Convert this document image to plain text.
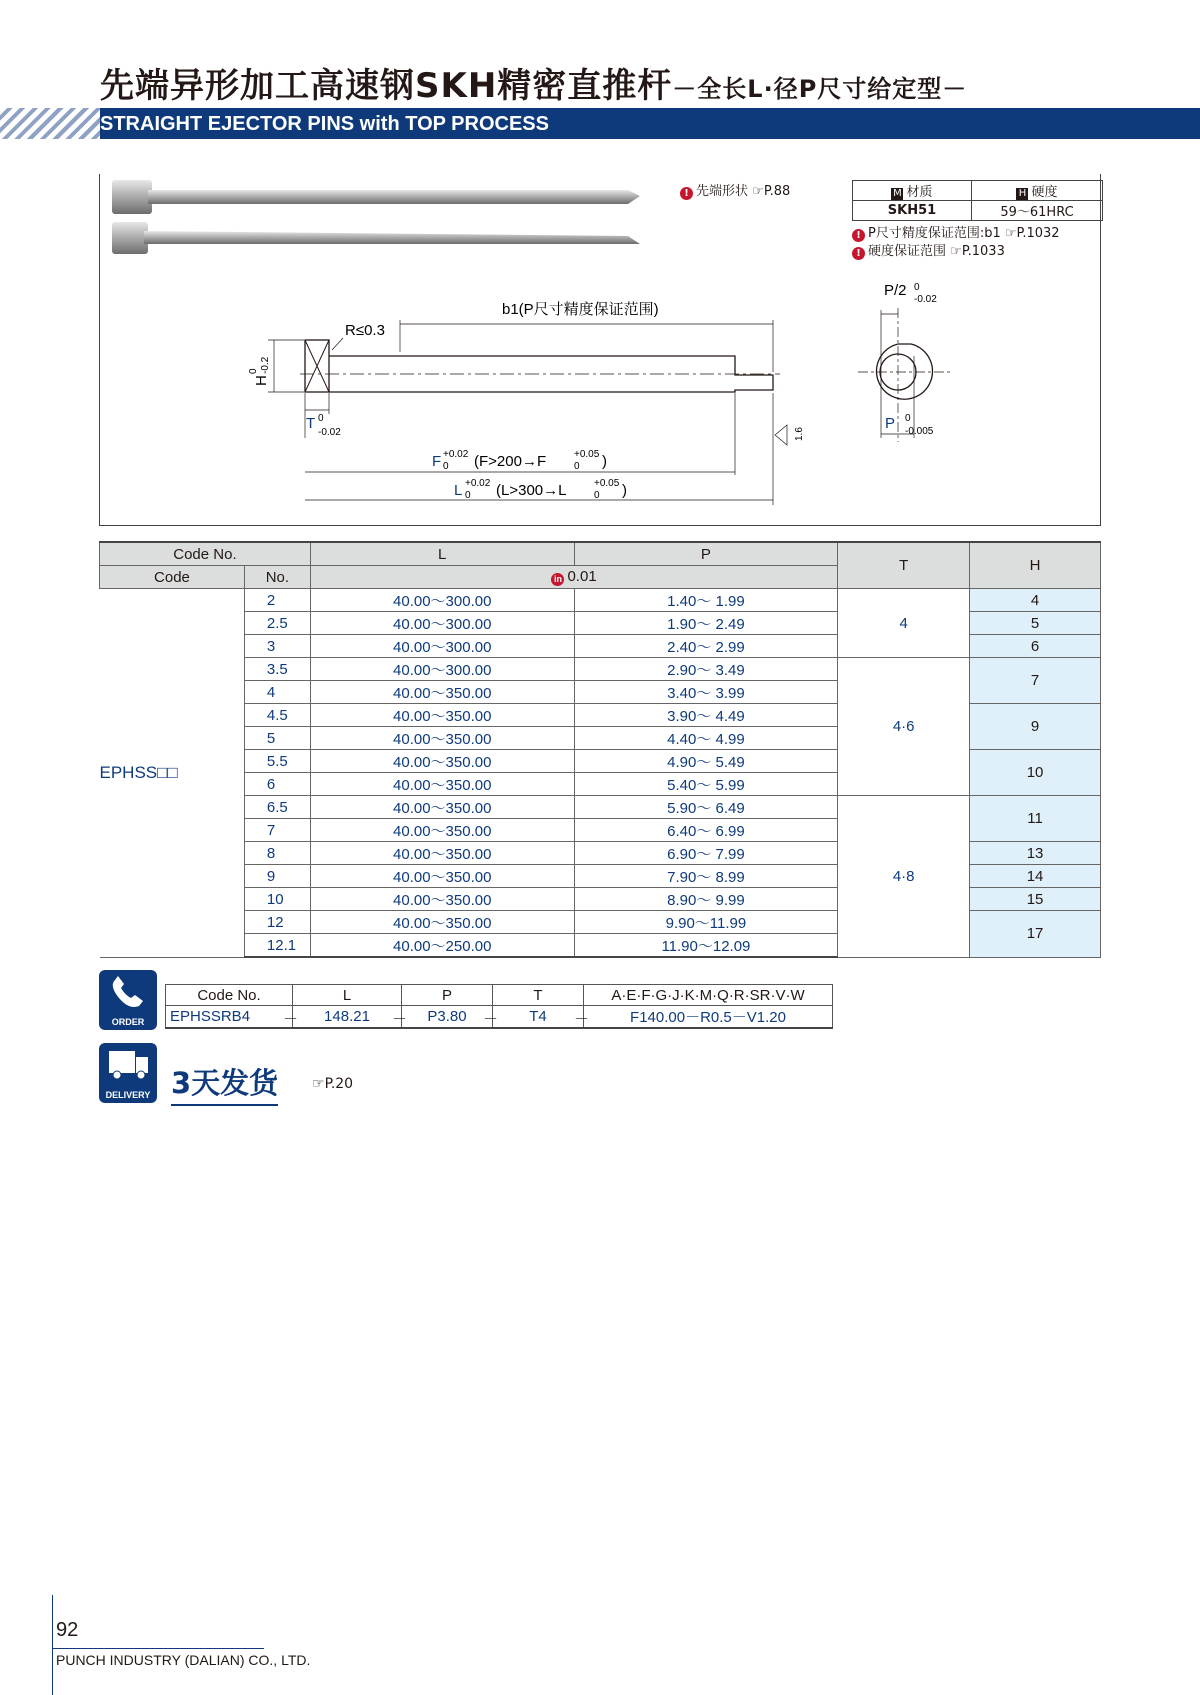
先端异形加工高速钢SKH精密直推杆－全长L·径P尺寸给定型－
STRAIGHT EJECTOR PINS with TOP PROCESS
! 先端形状 ☞P.88	M 材质	H 硬度
SKH51	59～61HRC
! P尺寸精度保证范围:b1 ☞P.1032
! 硬度保证范围 ☞P.1033
b1(P尺寸精度保证范围)
R≤0.3
H
0 -0.2
T 0
-0.02
F +0.02
0 (F>200→F	+0.05
0 )
L +0.02
0 (L>300→L	+0.05
0 )
1.6
P/2 0
-0.02
P 0
-0.005
Code No.		L	P	T	H
Code	No.	in 0.01			
EPHSS□□	2	40.00～300.00	1.40～ 1.99	4	4
	2.5	40.00～300.00	1.90～ 2.49		5
	3	40.00～300.00	2.40～ 2.99		6
	3.5	40.00～300.00	2.90～ 3.49	4·6	7
	4	40.00～350.00	3.40～ 3.99		
	4.5	40.00～350.00	3.90～ 4.49		9
	5	40.00～350.00	4.40～ 4.99		
	5.5	40.00～350.00	4.90～ 5.49		10
	6	40.00～350.00	5.40～ 5.99		
	6.5	40.00～350.00	5.90～ 6.49	4·8	11
	7	40.00～350.00	6.40～ 6.99		
	8	40.00～350.00	6.90～ 7.99		13
	9	40.00～350.00	7.90～ 8.99		14
	10	40.00～350.00	8.90～ 9.99		15
	12	40.00～350.00	9.90～11.99		17
	12.1	40.00～250.00	11.90～12.09		
ORDER
Code No.	L	P	T	A·E·F·G·J·K·M·Q·R·SR·V·W
EPHSSRB4 －	148.21 －	P3.80 －	T4 －	F140.00－R0.5－V1.20
DELIVERY 3天发货 ☞P.20
92
PUNCH INDUSTRY (DALIAN) CO., LTD.
